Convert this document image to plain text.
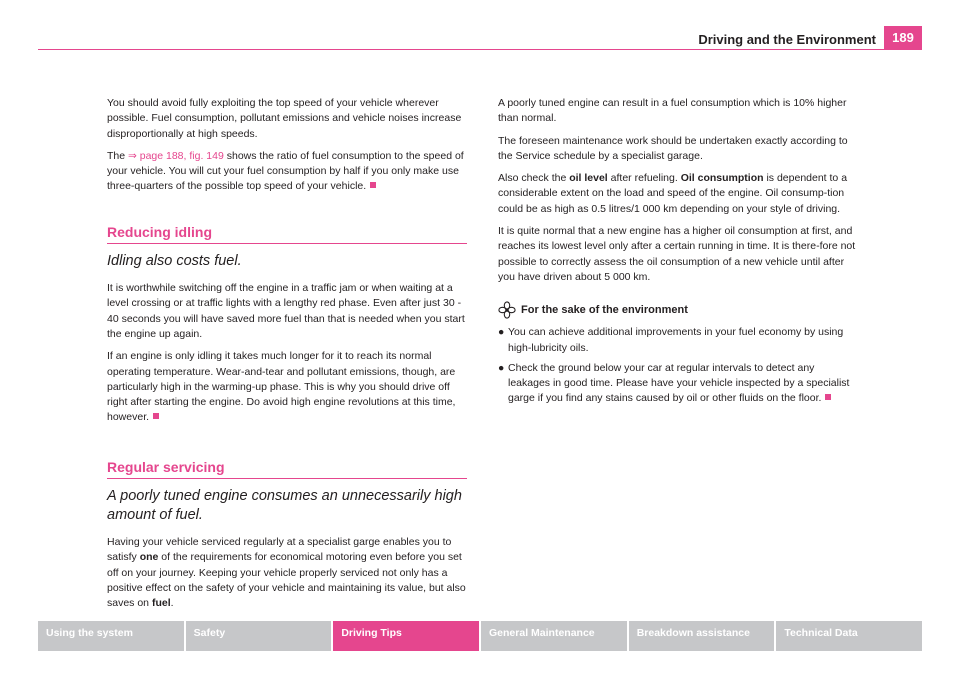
Driving and the Environment	189

You should avoid fully exploiting the top speed of your vehicle wherever possible. Fuel consumption, pollutant emissions and vehicle noises increase disproportionally at high speeds.

The ⇒ page 188, fig. 149 shows the ratio of fuel consumption to the speed of your vehicle. You will cut your fuel consumption by half if you only make use three-quarters of the possible top speed of your vehicle.

Reducing idling
Idling also costs fuel.

It is worthwhile switching off the engine in a traffic jam or when waiting at a level crossing or at traffic lights with a lengthy red phase. Even after just 30 - 40 seconds you will have saved more fuel than that is needed when you start the engine up again.

If an engine is only idling it takes much longer for it to reach its normal operating temperature. Wear-and-tear and pollutant emissions, though, are particularly high in the warming-up phase. This is why you should drive off right after starting the engine. Do avoid high engine revolutions at this time, however.

Regular servicing
A poorly tuned engine consumes an unnecessarily high amount of fuel.

Having your vehicle serviced regularly at a specialist garge enables you to satisfy one of the requirements for economical motoring even before you set off on your journey. Keeping your vehicle properly serviced not only has a positive effect on the safety of your vehicle and maintaining its value, but also saves on fuel.

A poorly tuned engine can result in a fuel consumption which is 10% higher than normal.

The foreseen maintenance work should be undertaken exactly according to the Service schedule by a specialist garage.

Also check the oil level after refueling. Oil consumption is dependent to a considerable extent on the load and speed of the engine. Oil consump-tion could be as high as 0.5 litres/1 000 km depending on your style of driving.

It is quite normal that a new engine has a higher oil consumption at first, and reaches its lowest level only after a certain running in time. It is there-fore not possible to correctly assess the oil consumption of a new vehicle until after you have driven about 5 000 km.

For the sake of the environment
● You can achieve additional improvements in your fuel economy by using high-lubricity oils.
● Check the ground below your car at regular intervals to detect any leakages in good time. Please have your vehicle inspected by a specialist garge if you find any stains caused by oil or other fluids on the floor.
Using the system	Safety	Driving Tips	General Maintenance	Breakdown assistance	Technical Data
